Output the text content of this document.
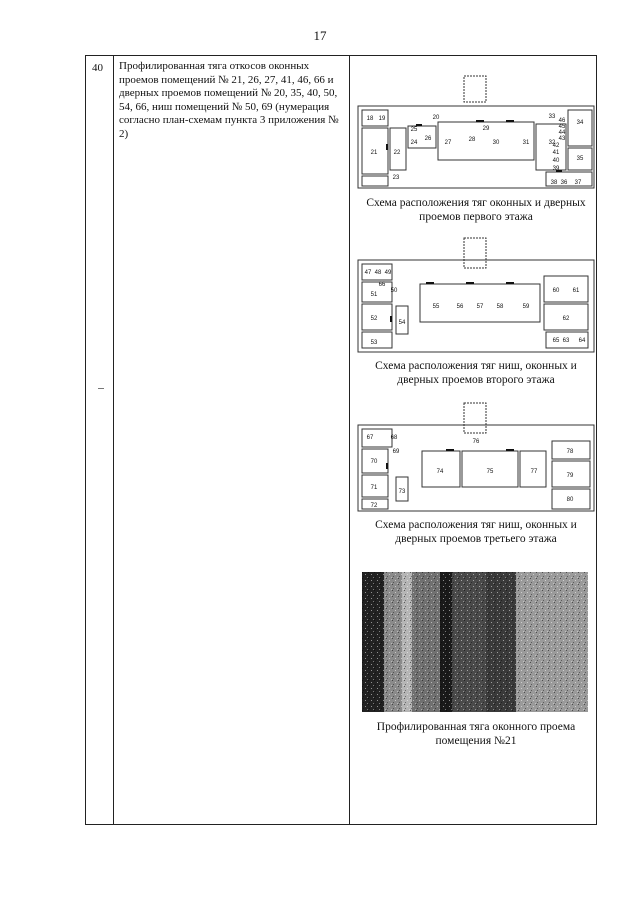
17
40 Профилированная тяга откосов оконных проемов помещений № 21, 26, 27, 41, 46, 66 и дверных проемов помещений № 20, 35, 40, 50, 54, 66, ниш помещений № 50, 69 (нумерация согласно план-схемам пункта 3 приложения № 2)
18 19	20
21	22
23
24
25
26
27	28
29
30	31	32
33
34
35
36 37
38
39
40
41
42
43
44
45
46
Схема расположения тяг оконных и дверных проемов первого этажа
47 48 49
50
51
52
53
54
55	56 57 58	59
60 61
62
63 64
65
66
Схема расположения тяг ниш, оконных и дверных проемов второго этажа
67	68
69
70
71
72
73
74	75
76
77
78
79
80
Схема расположения тяг ниш, оконных и дверных проемов третьего этажа
Профилированная тяга оконного проема помещения №21
